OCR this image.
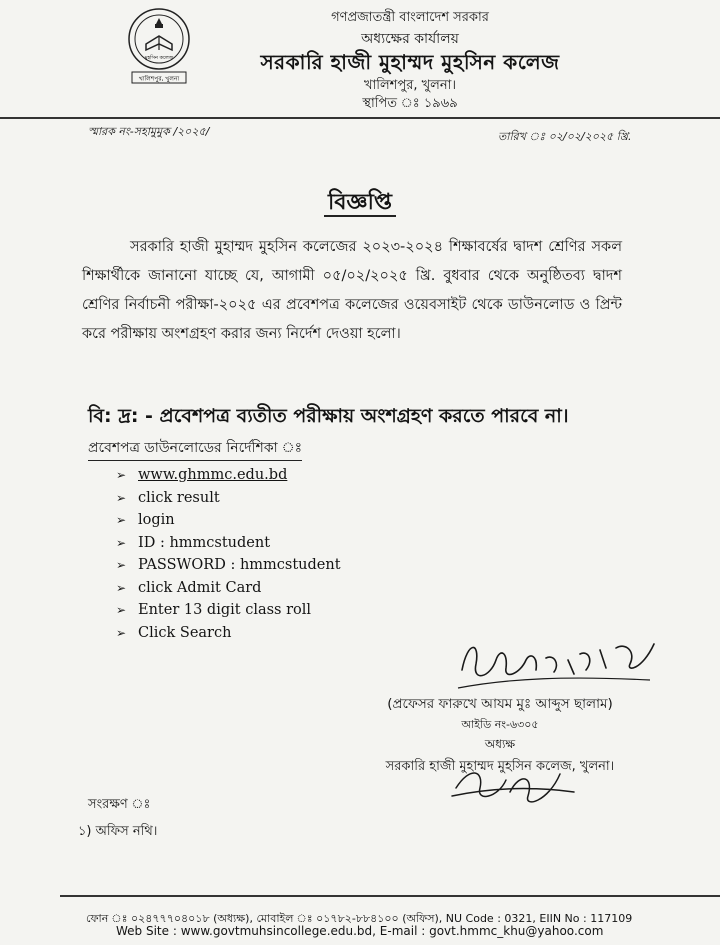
মুহসিন কলেজ
খালিশপুর, খুলনা
গণপ্রজাতন্ত্রী বাংলাদেশ সরকার
অধ্যক্ষের কার্যালয়
সরকারি হাজী মুহাম্মদ মুহসিন কলেজ
খালিশপুর, খুলনা।
স্থাপিত ঃ ১৯৬৯
স্মারক নং-সহামুমুক /২০২৫/	তারিখ ঃ ০২/০২/২০২৫ খ্রি.
বিজ্ঞপ্তি
সরকারি হাজী মুহাম্মদ মুহসিন কলেজের ২০২৩-২০২৪ শিক্ষাবর্ষের দ্বাদশ শ্রেণির সকল শিক্ষার্থীকে জানানো যাচ্ছে যে, আগামী ০৫/০২/২০২৫ খ্রি. বুধবার থেকে অনুষ্ঠিতব্য দ্বাদশ শ্রেণির নির্বাচনী পরীক্ষা-২০২৫ এর প্রবেশপত্র কলেজের ওয়েবসাইট থেকে ডাউনলোড ও প্রিন্ট করে পরীক্ষায় অংশগ্রহণ করার জন্য নির্দেশ দেওয়া হলো।
বি: দ্র: - প্রবেশপত্র ব্যতীত পরীক্ষায় অংশগ্রহণ করতে পারবে না।
প্রবেশপত্র ডাউনলোডের নির্দেশিকা ঃ
➢ www.ghmmc.edu.bd
➢ click result
➢ login
➢ ID : hmmcstudent
➢ PASSWORD : hmmcstudent
➢ click Admit Card
➢ Enter 13 digit class roll
➢ Click Search
(প্রফেসর ফারুখে আযম মুঃ আব্দুস ছালাম)
আইডি নং-৬৩০৫
অধ্যক্ষ
সরকারি হাজী মুহাম্মদ মুহসিন কলেজ, খুলনা।
সংরক্ষণ ঃ
১) অফিস নথি।
ফোন ঃ ০২৪৭৭৭০৪০১৮ (অধ্যক্ষ), মোবাইল ঃ ০১৭৮২-৮৮৪১০০ (অফিস), NU Code : 0321, EIIN No : 117109
Web Site : www.govtmuhsincollege.edu.bd, E-mail : govt.hmmc_khu@yahoo.com
